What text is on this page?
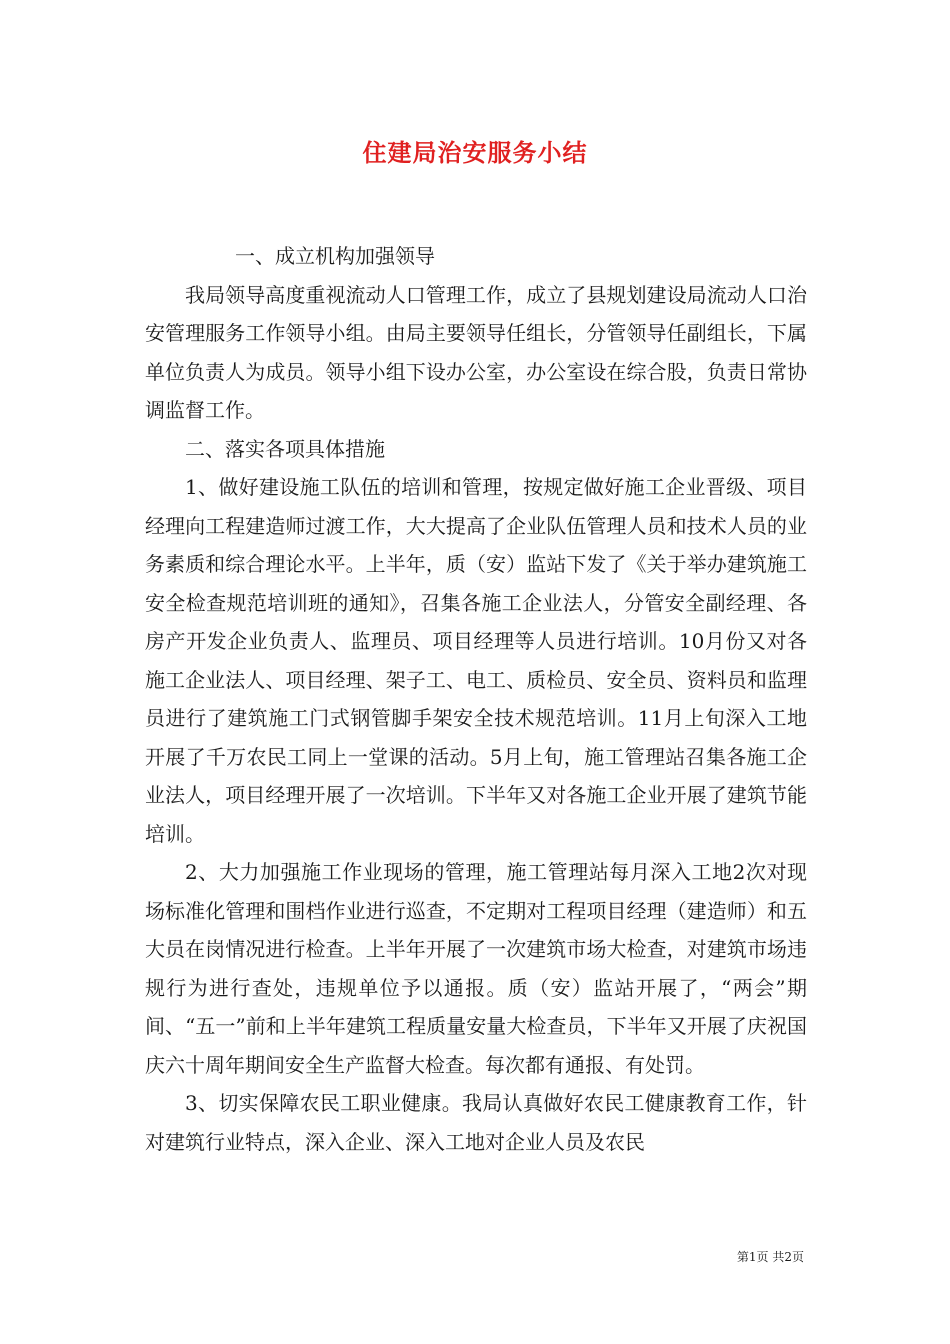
住建局治安服务小结

一、成立机构加强领导

我局领导高度重视流动人口管理工作，成立了县规划建设局流动人口治安管理服务工作领导小组。由局主要领导任组长，分管领导任副组长，下属单位负责人为成员。领导小组下设办公室，办公室设在综合股，负责日常协调监督工作。

二、落实各项具体措施

1、做好建设施工队伍的培训和管理，按规定做好施工企业晋级、项目经理向工程建造师过渡工作，大大提高了企业队伍管理人员和技术人员的业务素质和综合理论水平。上半年，质（安）监站下发了《关于举办建筑施工安全检查规范培训班的通知》，召集各施工企业法人，分管安全副经理、各房产开发企业负责人、监理员、项目经理等人员进行培训。10月份又对各施工企业法人、项目经理、架子工、电工、质检员、安全员、资料员和监理员进行了建筑施工门式钢管脚手架安全技术规范培训。11月上旬深入工地开展了千万农民工同上一堂课的活动。5月上旬，施工管理站召集各施工企业法人，项目经理开展了一次培训。下半年又对各施工企业开展了建筑节能培训。

2、大力加强施工作业现场的管理，施工管理站每月深入工地2次对现场标准化管理和围档作业进行巡查，不定期对工程项目经理（建造师）和五大员在岗情况进行检查。上半年开展了一次建筑市场大检查，对建筑市场违规行为进行查处，违规单位予以通报。质（安）监站开展了，“两会”期间、“五一”前和上半年建筑工程质量安量大检查员，下半年又开展了庆祝国庆六十周年期间安全生产监督大检查。每次都有通报、有处罚。

3、切实保障农民工职业健康。我局认真做好农民工健康教育工作，针对建筑行业特点，深入企业、深入工地对企业人员及农民

第1页 共2页
